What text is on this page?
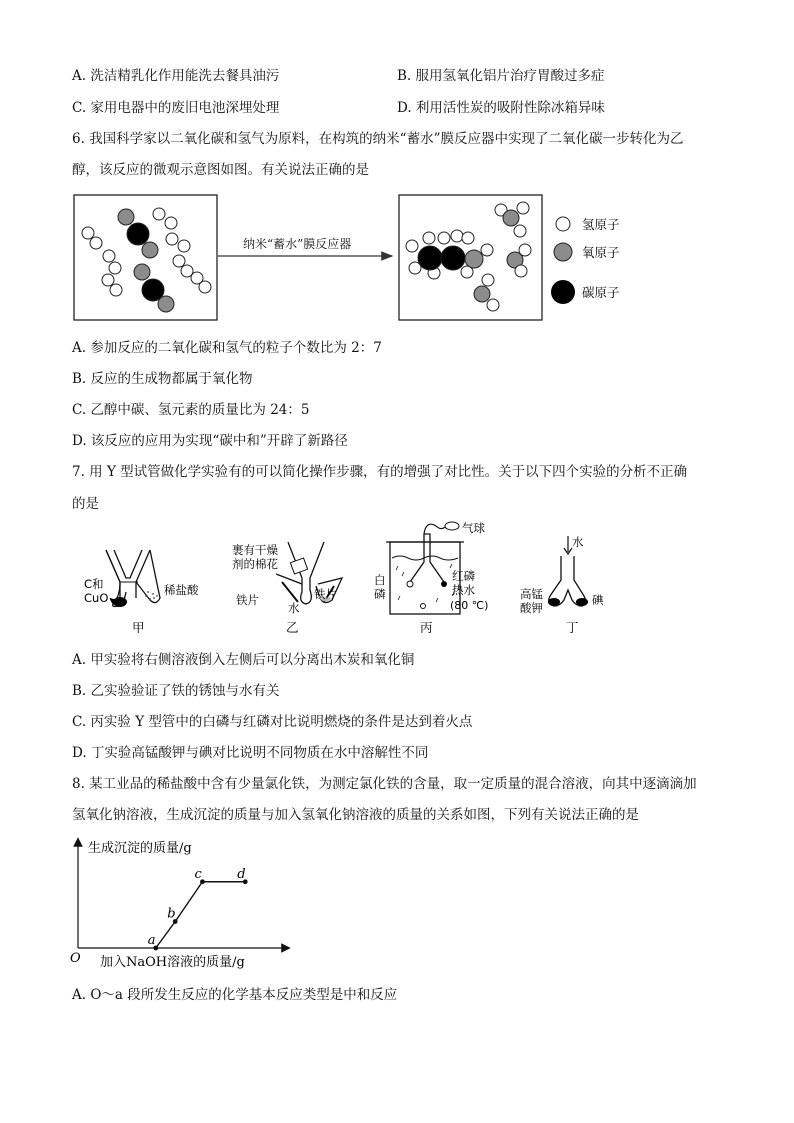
A. 洗洁精乳化作用能洗去餐具油污	B. 服用氢氧化铝片治疗胃酸过多症
C. 家用电器中的废旧电池深埋处理	D. 利用活性炭的吸附性除冰箱异味
6. 我国科学家以二氧化碳和氢气为原料，在构筑的纳米“蓄水”膜反应器中实现了二氧化碳一步转化为乙
醇，该反应的微观示意图如图。有关说法正确的是
纳米“蓄水”膜反应器
氢原子
氧原子
碳原子
A. 参加反应的二氧化碳和氢气的粒子个数比为 2：7
B. 反应的生成物都属于氧化物
C. 乙醇中碳、氢元素的质量比为 24：5
D. 该反应的应用为实现“碳中和”开辟了新路径
7. 用 Y 型试管做化学实验有的可以简化操作步骤，有的增强了对比性。关于以下四个实验的分析不正确
的是
C和
CuO
稀盐酸
甲
裹有干燥
剂的棉花
铁片	铁片
水
乙
气球
白
磷
红磷
热水
(80 ℃)
丙
水
高锰
酸钾
碘
丁
A. 甲实验将右侧溶液倒入左侧后可以分离出木炭和氧化铜
B. 乙实验验证了铁的锈蚀与水有关
C. 丙实验 Y 型管中的白磷与红磷对比说明燃烧的条件是达到着火点
D. 丁实验高锰酸钾与碘对比说明不同物质在水中溶解性不同
8. 某工业品的稀盐酸中含有少量氯化铁，为测定氯化铁的含量，取一定质量的混合溶液，向其中逐滴滴加
氢氧化钠溶液，生成沉淀的质量与加入氢氧化钠溶液的质量的关系如图，下列有关说法正确的是
生成沉淀的质量/g
加入NaOH溶液的质量/g
O
a
b
c	d
A. O～a 段所发生反应的化学基本反应类型是中和反应
